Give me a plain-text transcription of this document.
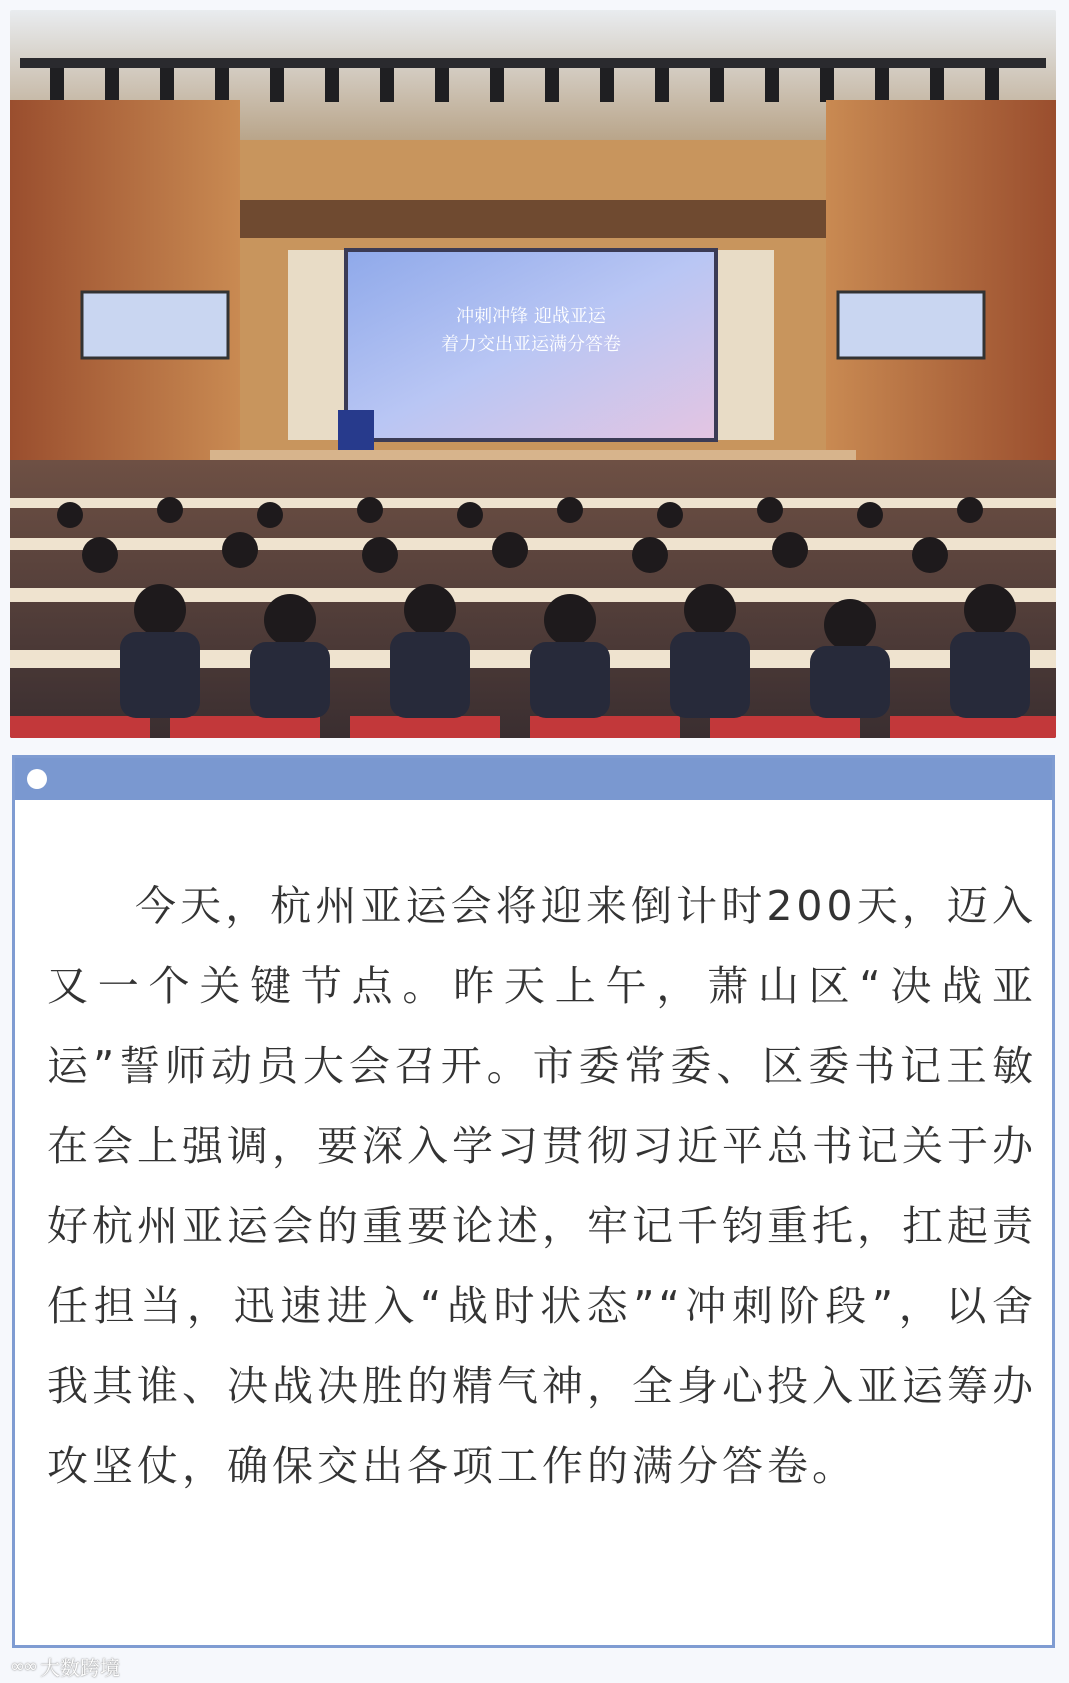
冲刺冲锋 迎战亚运
着力交出亚运满分答卷

今天，杭州亚运会将迎来倒计时200天，迈入又一个关键节点。昨天上午，萧山区“决战亚运”誓师动员大会召开。市委常委、区委书记王敏在会上强调，要深入学习贯彻习近平总书记关于办好杭州亚运会的重要论述，牢记千钧重托，扛起责任担当，迅速进入“战时状态”“冲刺阶段”，以舍我其谁、决战决胜的精气神，全身心投入亚运筹办攻坚仗，确保交出各项工作的满分答卷。

∞∞ 大数跨境
